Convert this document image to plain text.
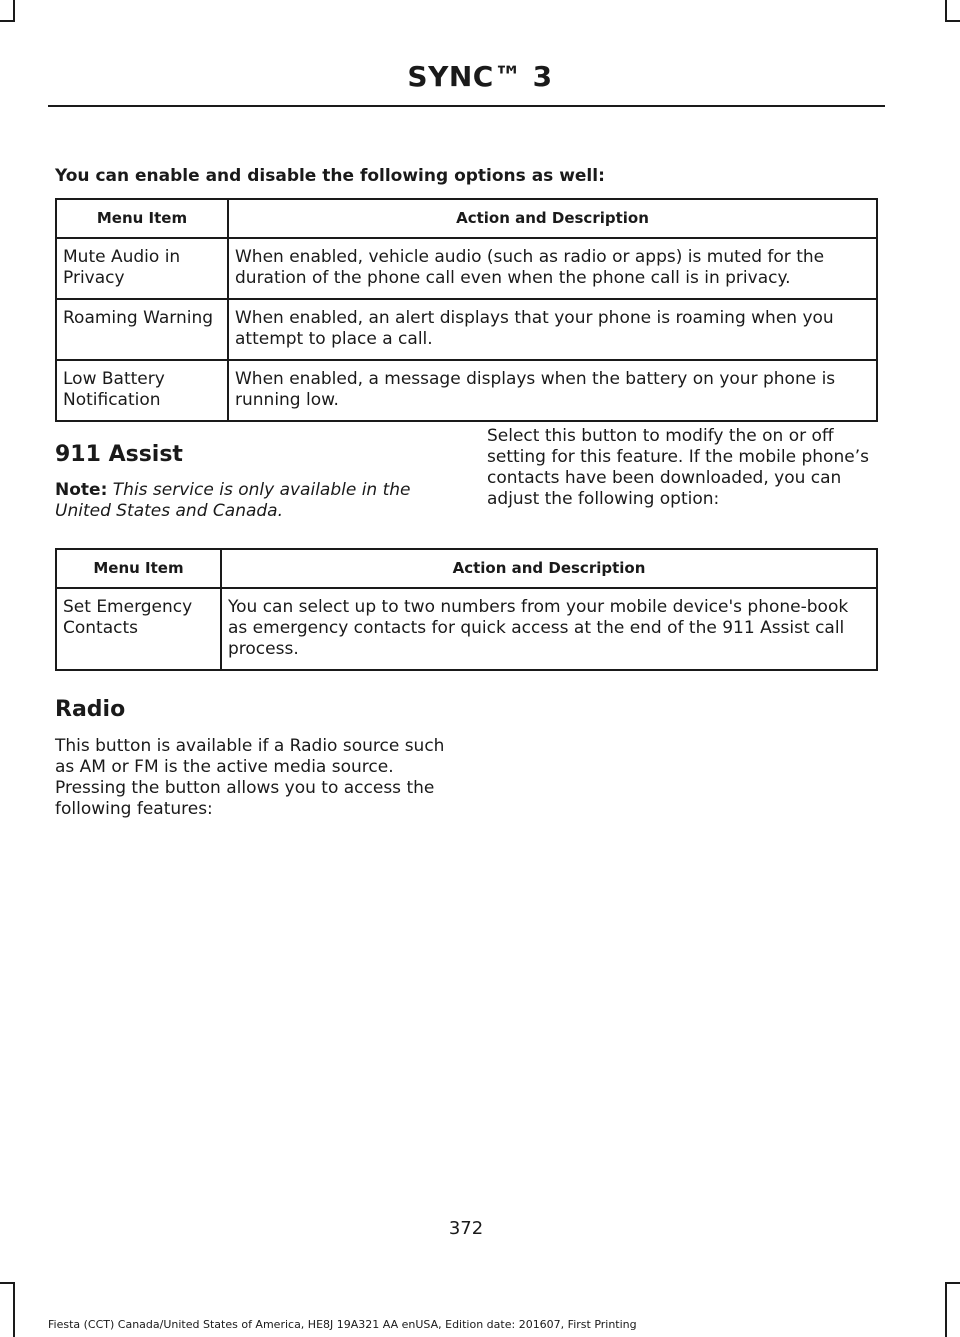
SYNC™ 3
You can enable and disable the following options as well:
Menu Item	Action and Description
Mute Audio in Privacy	When enabled, vehicle audio (such as radio or apps) is muted for the duration of the phone call even when the phone call is in privacy.
Roaming Warning	When enabled, an alert displays that your phone is roaming when you attempt to place a call.
Low Battery Notification	When enabled, a message displays when the battery on your phone is running low.
911 Assist
Note: This service is only available in the United States and Canada.
Select this button to modify the on or off setting for this feature. If the mobile phone’s contacts have been downloaded, you can adjust the following option:
Menu Item	Action and Description
Set Emergency Contacts	You can select up to two numbers from your mobile device's phone-book as emergency contacts for quick access at the end of the 911 Assist call process.
Radio
This button is available if a Radio source such as AM or FM is the active media source. Pressing the button allows you to access the following features:
372
Fiesta (CCT) Canada/United States of America, HE8J 19A321 AA enUSA, Edition date: 201607, First Printing
